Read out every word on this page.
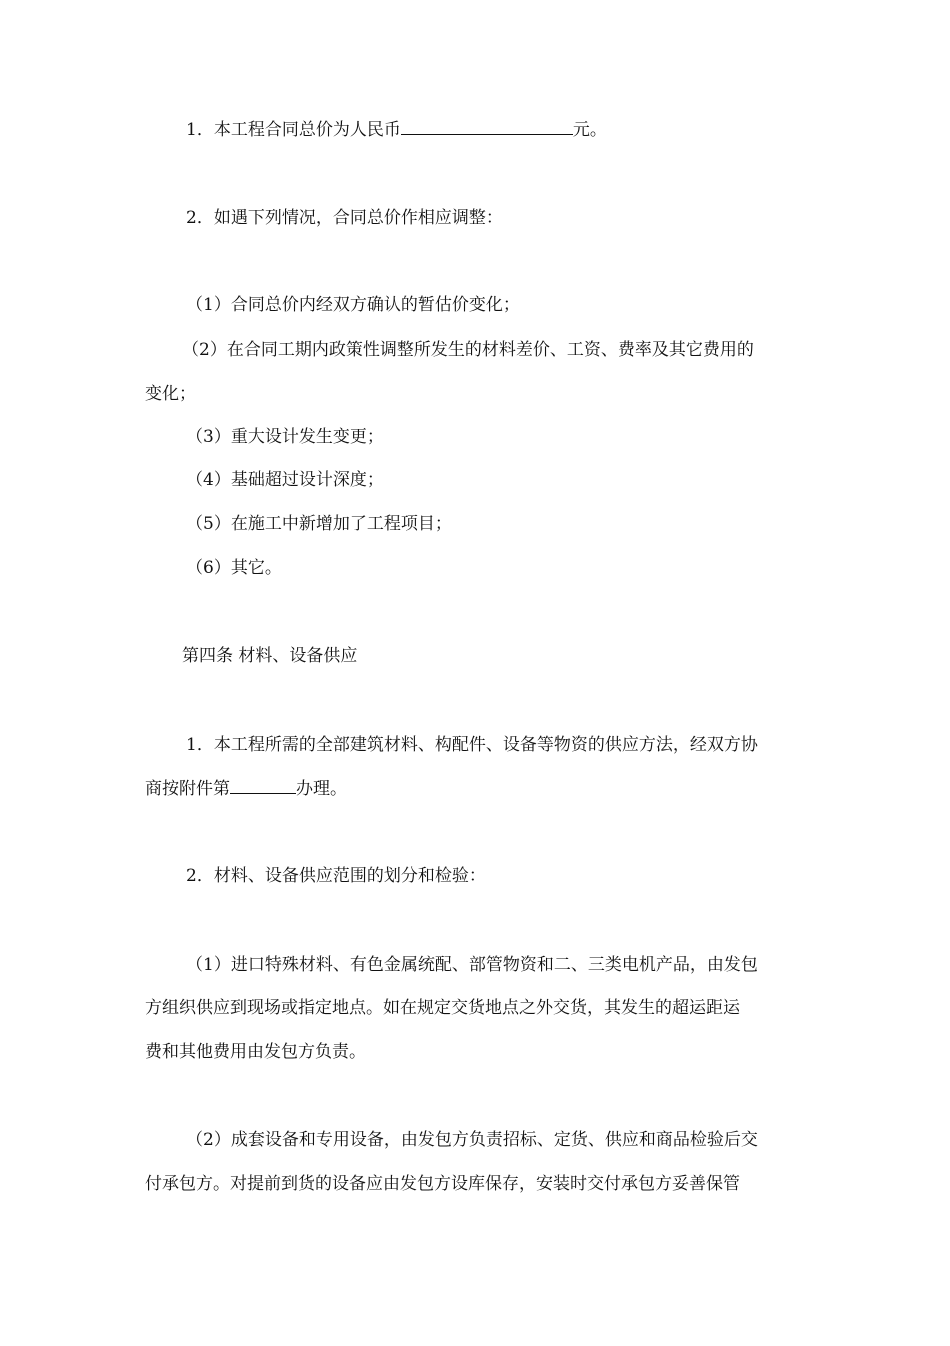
1．本工程合同总价为人民币	元。
2．如遇下列情况，合同总价作相应调整：
（1）合同总价内经双方确认的暂估价变化；
（2）在合同工期内政策性调整所发生的材料差价、工资、费率及其它费用的
变化；
（3）重大设计发生变更；
（4）基础超过设计深度；
（5）在施工中新增加了工程项目；
（6）其它。
第四条 材料、设备供应
1．本工程所需的全部建筑材料、构配件、设备等物资的供应方法，经双方协
商按附件第	办理。
2．材料、设备供应范围的划分和检验：
（1）进口特殊材料、有色金属统配、部管物资和二、三类电机产品，由发包
方组织供应到现场或指定地点。如在规定交货地点之外交货，其发生的超运距运
费和其他费用由发包方负责。
（2）成套设备和专用设备，由发包方负责招标、定货、供应和商品检验后交
付承包方。对提前到货的设备应由发包方设库保存，安装时交付承包方妥善保管
